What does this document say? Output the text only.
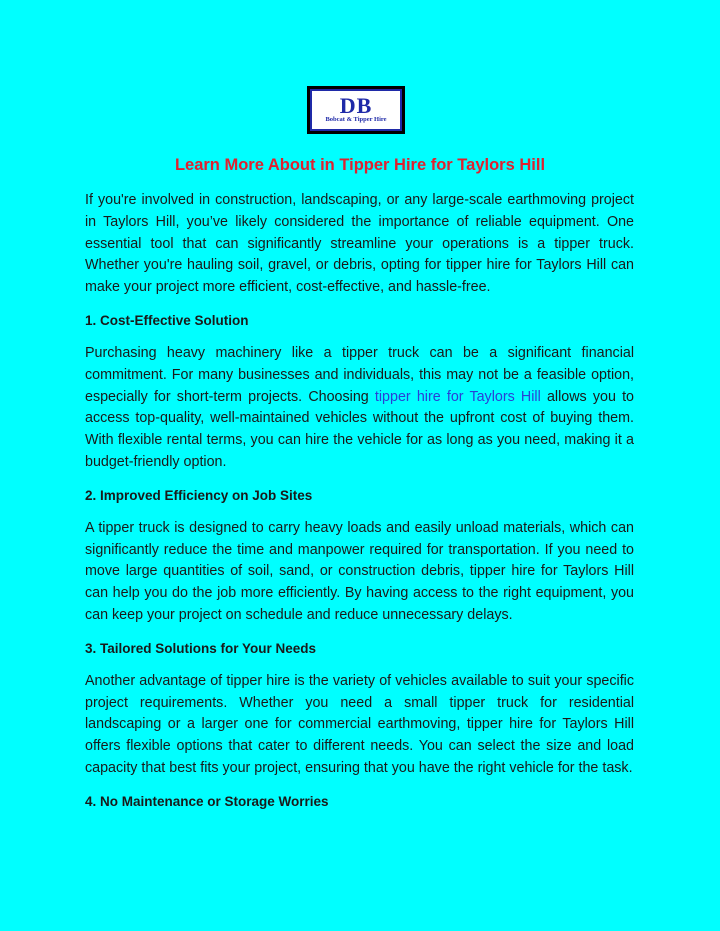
DB
Bobcat & Tipper Hire
Learn More About in Tipper Hire for Taylors Hill

If you're involved in construction, landscaping, or any large-scale earthmoving project in Taylors Hill, you’ve likely considered the importance of reliable equipment. One essential tool that can significantly streamline your operations is a tipper truck. Whether you're hauling soil, gravel, or debris, opting for tipper hire for Taylors Hill can make your project more efficient, cost-effective, and hassle-free.

1. Cost-Effective Solution

Purchasing heavy machinery like a tipper truck can be a significant financial commitment. For many businesses and individuals, this may not be a feasible option, especially for short-term projects. Choosing tipper hire for Taylors Hill allows you to access top-quality, well-maintained vehicles without the upfront cost of buying them. With flexible rental terms, you can hire the vehicle for as long as you need, making it a budget-friendly option.

2. Improved Efficiency on Job Sites

A tipper truck is designed to carry heavy loads and easily unload materials, which can significantly reduce the time and manpower required for transportation. If you need to move large quantities of soil, sand, or construction debris, tipper hire for Taylors Hill can help you do the job more efficiently. By having access to the right equipment, you can keep your project on schedule and reduce unnecessary delays.

3. Tailored Solutions for Your Needs

Another advantage of tipper hire is the variety of vehicles available to suit your specific project requirements. Whether you need a small tipper truck for residential landscaping or a larger one for commercial earthmoving, tipper hire for Taylors Hill offers flexible options that cater to different needs. You can select the size and load capacity that best fits your project, ensuring that you have the right vehicle for the task.

4. No Maintenance or Storage Worries
